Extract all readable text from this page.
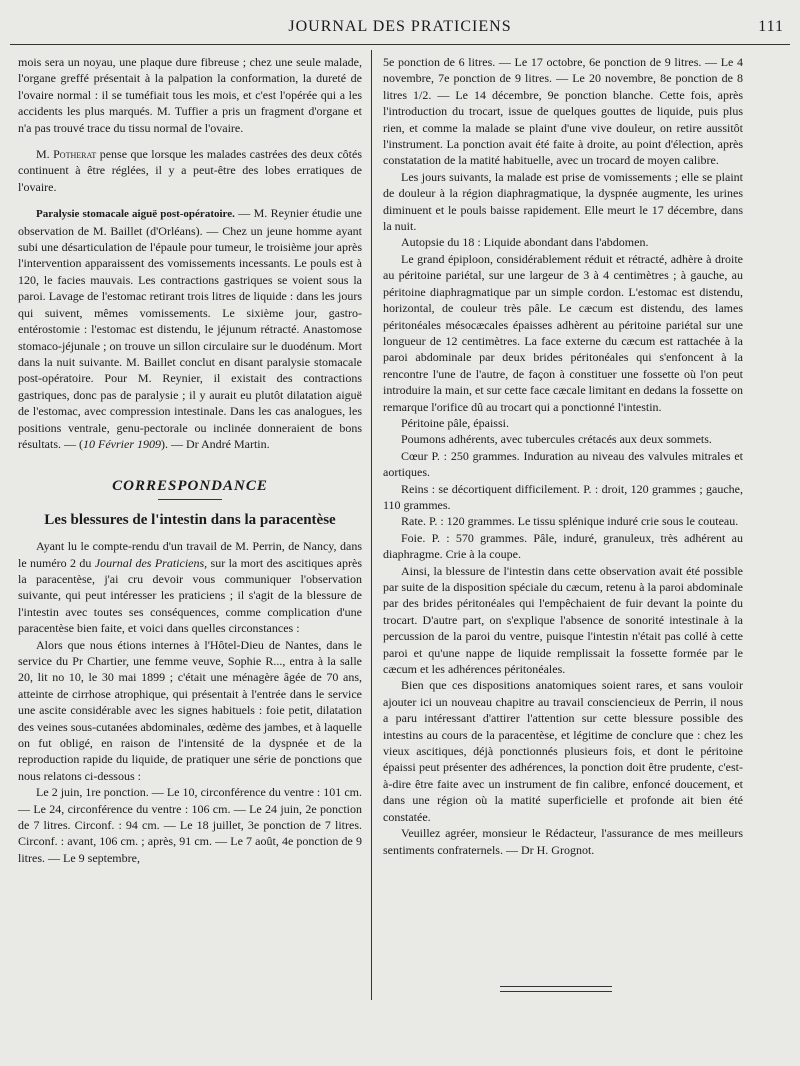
JOURNAL DES PRATICIENS	111

mois sera un noyau, une plaque dure fibreuse ; chez une seule malade, l'organe greffé présentait à la palpation la conformation, la dureté de l'ovaire normal : il se tuméfiait tous les mois, et c'est l'opérée qui a les accidents les plus marqués. M. Tuffier a pris un fragment d'organe et n'a pas trouvé trace du tissu normal de l'ovaire.

M. Potherat pense que lorsque les malades castrées des deux côtés continuent à être réglées, il y a peut-être des lobes erratiques de l'ovaire.

Paralysie stomacale aiguë post-opératoire. — M. Reynier étudie une observation de M. Baillet (d'Orléans). — Chez un jeune homme ayant subi une désarticulation de l'épaule pour tumeur, le troisième jour après l'intervention apparaissent des vomissements incessants. Le pouls est à 120, le facies mauvais. Les contractions gastriques se voient sous la paroi. Lavage de l'estomac retirant trois litres de liquide : dans les jours qui suivent, mêmes vomissements. Le sixième jour, gastro-entérostomie : l'estomac est distendu, le jéjunum rétracté. Anastomose stomaco-jéjunale ; on trouve un sillon circulaire sur le duodénum. Mort dans la nuit suivante. M. Baillet conclut en disant paralysie stomacale post-opératoire. Pour M. Reynier, il existait des contractions gastriques, donc pas de paralysie ; il y aurait eu plutôt dilatation aiguë de l'estomac, avec compression intestinale. Dans les cas analogues, les positions ventrale, genu-pectorale ou inclinée donneraient de bons résultats. — (10 Février 1909). — Dr André Martin.

CORRESPONDANCE
Les blessures de l'intestin dans la paracentèse

Ayant lu le compte-rendu d'un travail de M. Perrin, de Nancy, dans le numéro 2 du Journal des Praticiens, sur la mort des ascitiques après la paracentèse, j'ai cru devoir vous communiquer l'observation suivante, qui peut intéresser les praticiens ; il s'agit de la blessure de l'intestin avec toutes ses conséquences, comme complication d'une paracentèse bien faite, et voici dans quelles circonstances :

Alors que nous étions internes à l'Hôtel-Dieu de Nantes, dans le service du Pr Chartier, une femme veuve, Sophie R..., entra à la salle 20, lit no 10, le 30 mai 1899 ; c'était une ménagère âgée de 70 ans, atteinte de cirrhose atrophique, qui présentait à l'entrée dans le service une ascite considérable avec les signes habituels : foie petit, dilatation des veines sous-cutanées abdominales, œdème des jambes, et à laquelle on fut obligé, en raison de l'intensité de la dyspnée et de la reproduction rapide du liquide, de pratiquer une série de ponctions que nous relatons ci-dessous :

Le 2 juin, 1re ponction. — Le 10, circonférence du ventre : 101 cm. — Le 24, circonférence du ventre : 106 cm. — Le 24 juin, 2e ponction de 7 litres. Circonf. : 94 cm. — Le 18 juillet, 3e ponction de 7 litres. Circonf. : avant, 106 cm. ; après, 91 cm. — Le 7 août, 4e ponction de 9 litres. — Le 9 septembre,

5e ponction de 6 litres. — Le 17 octobre, 6e ponction de 9 litres. — Le 4 novembre, 7e ponction de 9 litres. — Le 20 novembre, 8e ponction de 8 litres 1/2. — Le 14 décembre, 9e ponction blanche. Cette fois, après l'introduction du trocart, issue de quelques gouttes de liquide, puis plus rien, et comme la malade se plaint d'une vive douleur, on retire aussitôt l'instrument. La ponction avait été faite à droite, au point d'élection, après constatation de la matité habituelle, avec un trocard de moyen calibre.

Les jours suivants, la malade est prise de vomissements ; elle se plaint de douleur à la région diaphragmatique, la dyspnée augmente, les urines diminuent et le pouls baisse rapidement. Elle meurt le 17 décembre, dans la nuit.

Autopsie du 18 : Liquide abondant dans l'abdomen.

Le grand épiploon, considérablement réduit et rétracté, adhère à droite au péritoine pariétal, sur une largeur de 3 à 4 centimètres ; à gauche, au péritoine diaphragmatique par un simple cordon. L'estomac est distendu, horizontal, de couleur très pâle. Le cæcum est distendu, des lames péritonéales mésocæcales épaisses adhèrent au péritoine pariétal sur une longueur de 12 centimètres. La face externe du cæcum est rattachée à la paroi abdominale par deux brides péritonéales qui s'enfoncent à la rencontre l'une de l'autre, de façon à constituer une fossette où l'on peut introduire la main, et sur cette face cæcale limitant en dedans la fossette on remarque l'orifice dû au trocart qui a ponctionné l'intestin.

Péritoine pâle, épaissi.

Poumons adhérents, avec tubercules crétacés aux deux sommets.

Cœur P. : 250 grammes. Induration au niveau des valvules mitrales et aortiques.

Reins : se décortiquent difficilement. P. : droit, 120 grammes ; gauche, 110 grammes.

Rate. P. : 120 grammes. Le tissu splénique induré crie sous le couteau.

Foie. P. : 570 grammes. Pâle, induré, granuleux, très adhérent au diaphragme. Crie à la coupe.

Ainsi, la blessure de l'intestin dans cette observation avait été possible par suite de la disposition spéciale du cæcum, retenu à la paroi abdominale par des brides péritonéales qui l'empêchaient de fuir devant la pointe du trocart. D'autre part, on s'explique l'absence de sonorité intestinale à la percussion de la paroi du ventre, puisque l'intestin n'était pas collé à cette paroi et qu'une nappe de liquide remplissait la fossette formée par le cæcum et les adhérences péritonéales.

Bien que ces dispositions anatomiques soient rares, et sans vouloir ajouter ici un nouveau chapitre au travail consciencieux de Perrin, il nous a paru intéressant d'attirer l'attention sur cette blessure possible des intestins au cours de la paracentèse, et légitime de conclure que : chez les vieux ascitiques, déjà ponctionnés plusieurs fois, et dont le péritoine épaissi peut présenter des adhérences, la ponction doit être prudente, c'est-à-dire être faite avec un instrument de fin calibre, enfoncé doucement, et dans une région où la matité superficielle et profonde ait bien été constatée.

Veuillez agréer, monsieur le Rédacteur, l'assurance de mes meilleurs sentiments confraternels. — Dr H. Grognot.
